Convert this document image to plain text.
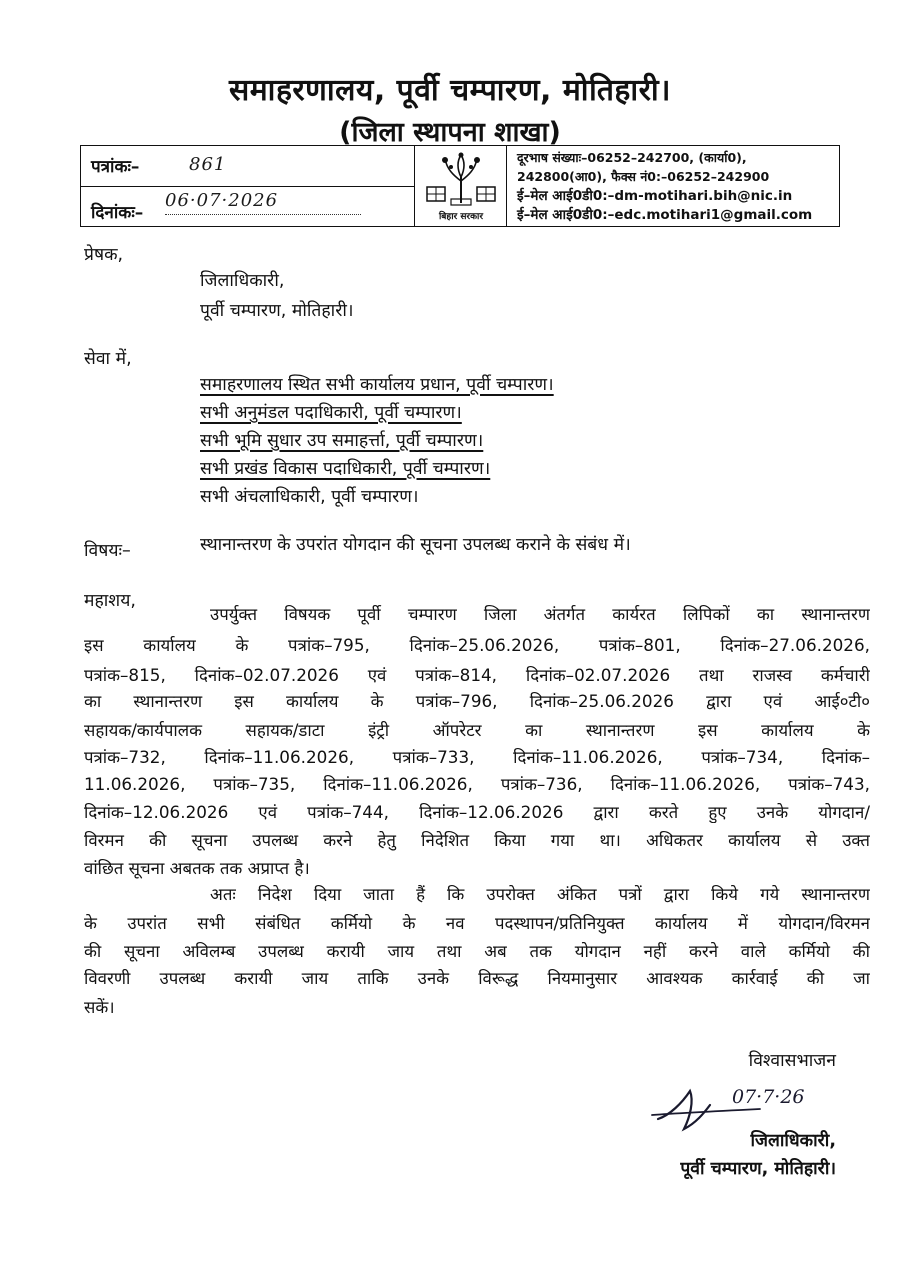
समाहरणालय, पूर्वी चम्पारण, मोतिहारी।
(जिला स्थापना शाखा)
पत्रांकः–	861
दिनांकः–
06·07·2026
बिहार सरकार
दूरभाष संख्याः–06252–242700, (कार्या0),
242800(आ0), फैक्स नं0:–06252–242900
ई–मेल आई0डी0:–dm-motihari.bih@nic.in
ई–मेल आई0डी0:–edc.motihari1@gmail.com
प्रेषक,
जिलाधिकारी,
पूर्वी चम्पारण, मोतिहारी।
सेवा में,
समाहरणालय स्थित सभी कार्यालय प्रधान, पूर्वी चम्पारण।
सभी अनुमंडल पदाधिकारी, पूर्वी चम्पारण।
सभी भूमि सुधार उप समाहर्त्ता, पूर्वी चम्पारण।
सभी प्रखंड विकास पदाधिकारी, पूर्वी चम्पारण।
सभी अंचलाधिकारी, पूर्वी चम्पारण।
विषयः–	स्थानान्तरण के उपरांत योगदान की सूचना उपलब्ध कराने के संबंध में।
महाशय,
उपर्युक्त विषयक पूर्वी चम्पारण जिला अंतर्गत कार्यरत लिपिकों का स्थानान्तरण
इस कार्यालय के पत्रांक–795, दिनांक–25.06.2026, पत्रांक–801, दिनांक–27.06.2026,
पत्रांक–815, दिनांक–02.07.2026 एवं पत्रांक–814, दिनांक–02.07.2026 तथा राजस्व कर्मचारी
का स्थानान्तरण इस कार्यालय के पत्रांक–796, दिनांक–25.06.2026 द्वारा एवं आई०टी०
सहायक/कार्यपालक सहायक/डाटा इंट्री ऑपरेटर का स्थानान्तरण इस कार्यालय के
पत्रांक–732, दिनांक–11.06.2026, पत्रांक–733, दिनांक–11.06.2026, पत्रांक–734, दिनांक–
11.06.2026, पत्रांक–735, दिनांक–11.06.2026, पत्रांक–736, दिनांक–11.06.2026, पत्रांक–743,
दिनांक–12.06.2026 एवं पत्रांक–744, दिनांक–12.06.2026 द्वारा करते हुए उनके योगदान/
विरमन की सूचना उपलब्ध करने हेतु निदेशित किया गया था। अधिकतर कार्यालय से उक्त
वांछित सूचना अबतक तक अप्राप्त है।
अतः निदेश दिया जाता हैं कि उपरोक्त अंकित पत्रों द्वारा किये गये स्थानान्तरण
के उपरांत सभी संबंधित कर्मियो के नव पदस्थापन/प्रतिनियुक्त कार्यालय में योगदान/विरमन
की सूचना अविलम्ब उपलब्ध करायी जाय तथा अब तक योगदान नहीं करने वाले कर्मियो की
विवरणी उपलब्ध करायी जाय ताकि उनके विरूद्ध नियमानुसार आवश्यक कार्रवाई की जा
सकें।
विश्वासभाजन
07·7·26
जिलाधिकारी,
पूर्वी चम्पारण, मोतिहारी।
